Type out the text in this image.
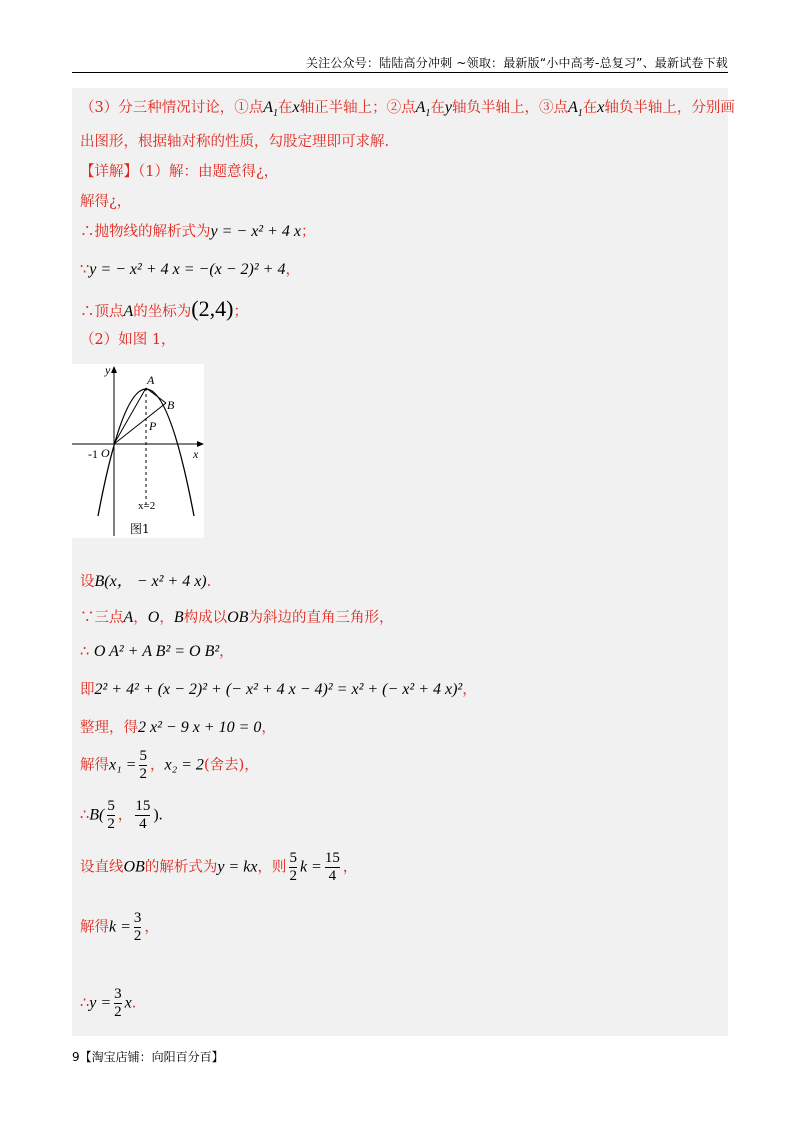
关注公众号：陆陆高分冲刺 ~领取：最新版“小中高考-总复习”、最新试卷下载
（3）分三种情况讨论，①点$A_1$在x轴正半轴上；②点$A_1$在y轴负半轴上，③点$A_1$在x轴负半轴上，分别画
出图形，根据轴对称的性质，勾股定理即可求解.
【详解】（1）解：由题意得¿，
解得¿，
∴抛物线的解析式为y = − x² + 4 x；
∵y = − x² + 4 x = −(x − 2)² + 4，
∴顶点A的坐标为(2,4)；
（2）如图 1，
设B(x， − x² + 4 x).
∵三点A，O，B构成以OB为斜边的直角三角形，
∴ O A² + A B² = O B²，
即2² + 4² + (x − 2)² + (− x² + 4 x − 4)² = x² + (− x² + 4 x)²，
整理，得2 x² − 9 x + 10 = 0，
解得$x_1 = \frac{5}{2}$ ，x₂ = 2(舍去)，
∴B( $\frac{5}{2}$ ， $\frac{15}{4}$ ).
设直线OB的解析式为y = kx，则 $\frac{5}{2}$ $k = \frac{15}{4}$ ，
解得$k = \frac{3}{2}$ ，
∴y = $\frac{3}{2} x$.
y
A
B
P
-1 O	x
x=2
图1
9【淘宝店铺：向阳百分百】
